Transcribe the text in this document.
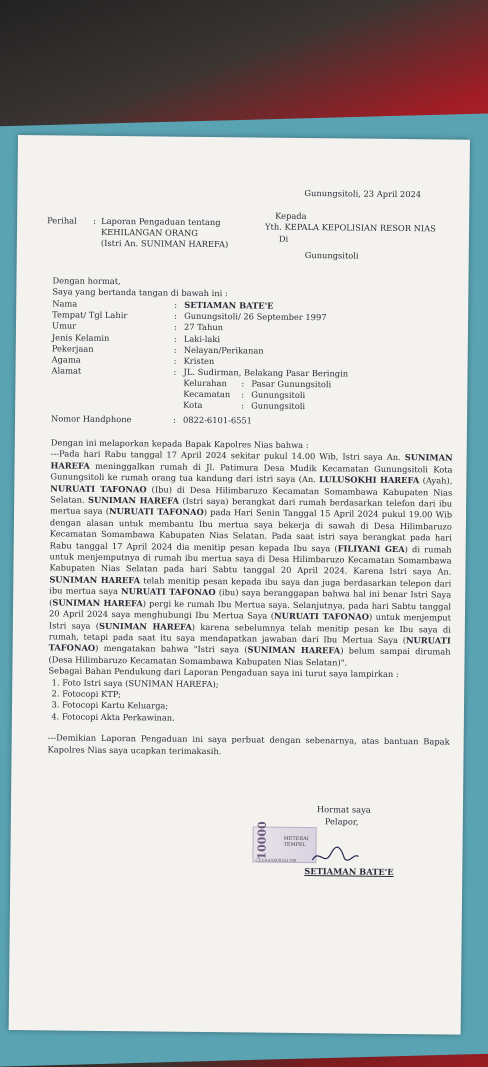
Gunungsitoli, 23 April 2024
Perihal : Laporan Pengaduan tentang
KEHILANGAN ORANG
(Istri An. SUNIMAN HAREFA)
Kepada
Yth. KEPALA KEPOLISIAN RESOR NIAS
Di
Gunungsitoli
Dengan hormat,
Saya yang bertanda tangan di bawah ini :
Nama	: SETIAMAN BATE'E
Tempat/ Tgl Lahir	: Gunungsitoli/ 26 September 1997
Umur	: 27 Tahun
Jenis Kelamin	: Laki-laki
Pekerjaan	: Nelayan/Perikanan
Agama	: Kristen
Alamat	: JL. Sudirman, Belakang Pasar Beringin
Kelurahan : Pasar Gunungsitoli
Kecamatan : Gunungsitoli
Kota	: Gunungsitoli
Nomor Handphone	: 0822-6101-6551

Dengan ini melaporkan kepada Bapak Kapolres Nias bahwa :

---Pada hari Rabu tanggal 17 April 2024 sekitar pukul 14.00 Wib, Istri saya An. SUNIMAN HAREFA meninggalkan rumah di Jl. Patimura Desa Mudik Kecamatan Gunungsitoli Kota Gunungsitoli ke rumah orang tua kandung dari istri saya (An. LULUSOKHI HAREFA (Ayah), NURUATI TAFONAO (Ibu) di Desa Hilimbaruzo Kecamatan Somambawa Kabupaten Nias Selatan. SUNIMAN HAREFA (Istri saya) berangkat dari rumah berdasarkan telefon dari ibu mertua saya (NURUATI TAFONAO) pada Hari Senin Tanggal 15 April 2024 pukul 19.00 Wib dengan alasan untuk membantu Ibu mertua saya bekerja di sawah di Desa Hilimbaruzo Kecamatan Somambawa Kabupaten Nias Selatan. Pada saat istri saya berangkat pada hari Rabu tanggal 17 April 2024 dia menitip pesan kepada Ibu saya (FILIYANI GEA) di rumah untuk menjemputnya di rumah ibu mertua saya di Desa Hilimbaruzo Kecamatan Somambawa Kabupaten Nias Selatan pada hari Sabtu tanggal 20 April 2024. Karena Istri saya An. SUNIMAN HAREFA telah menitip pesan kepada ibu saya dan juga berdasarkan telepon dari ibu mertua saya NURUATI TAFONAO (ibu) saya beranggapan bahwa hal ini benar Istri Saya (SUNIMAN HAREFA) pergi ke rumah Ibu Mertua saya. Selanjutnya, pada hari Sabtu tanggal 20 April 2024 saya menghubungi Ibu Mertua Saya (NURUATI TAFONAO) untuk menjemput Istri saya (SUNIMAN HAREFA) karena sebelumnya telah menitip pesan ke Ibu saya di rumah, tetapi pada saat itu saya mendapatkan jawaban dari Ibu Mertua Saya (NURUATI TAFONAO) mengatakan bahwa "Istri saya (SUNIMAN HAREFA) belum sampai dirumah (Desa Hilimbaruzo Kecamatan Somambawa Kabupaten Nias Selatan)".

Sebagai Bahan Pendukung dari Laporan Pengaduan saya ini turut saya lampirkan :

1. Foto Istri saya (SUNIMAN HAREFA);
2. Fotocopi KTP;
3. Fotocopi Kartu Keluarga;
4. Fotocopi Akta Perkawinan.

---Demikian Laporan Pengaduan ini saya perbuat dengan sebenarnya, atas bantuan Bapak Kapolres Nias saya ucapkan terimakasih.

Hormat saya
Pelapor,
10000	METERAI
TEMPEL
CEDAAAX00251108
SETIAMAN BATE'E
